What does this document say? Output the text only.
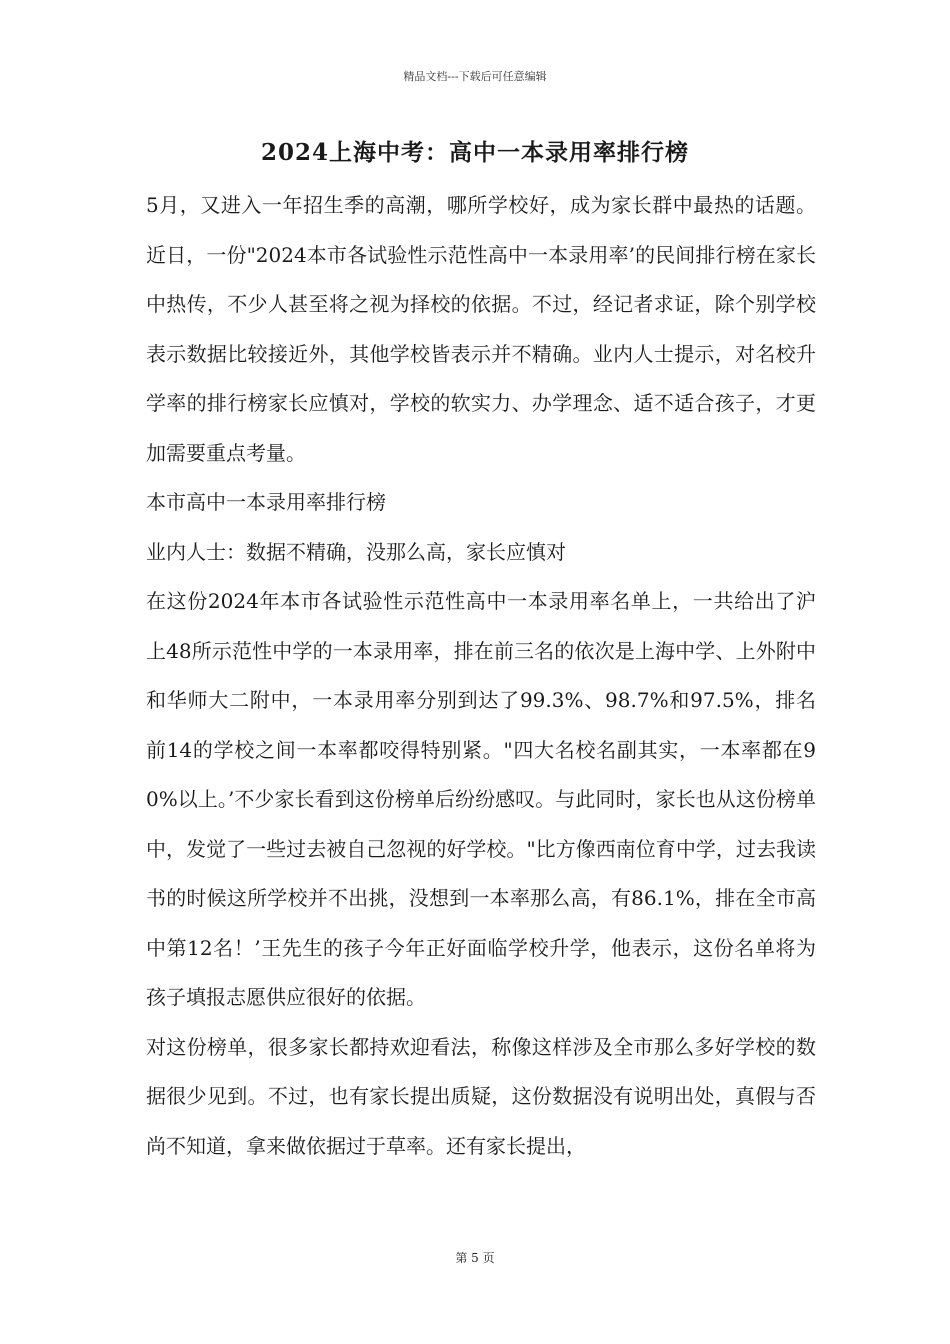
精品文档---下载后可任意编辑
2024上海中考：高中一本录用率排行榜

5月，又进入一年招生季的高潮，哪所学校好，成为家长群中最热的话题。近日，一份"2024本市各试验性示范性高中一本录用率’的民间排行榜在家长中热传，不少人甚至将之视为择校的依据。不过，经记者求证，除个别学校表示数据比较接近外，其他学校皆表示并不精确。业内人士提示，对名校升学率的排行榜家长应慎对，学校的软实力、办学理念、适不适合孩子，才更加需要重点考量。

本市高中一本录用率排行榜

业内人士：数据不精确，没那么高，家长应慎对

在这份2024年本市各试验性示范性高中一本录用率名单上，一共给出了沪上48所示范性中学的一本录用率，排在前三名的依次是上海中学、上外附中和华师大二附中，一本录用率分别到达了99.3%、98.7%和97.5%，排名前14的学校之间一本率都咬得特别紧。"四大名校名副其实，一本率都在90%以上。’不少家长看到这份榜单后纷纷感叹。与此同时，家长也从这份榜单中，发觉了一些过去被自己忽视的好学校。"比方像西南位育中学，过去我读书的时候这所学校并不出挑，没想到一本率那么高，有86.1%，排在全市高中第12名！’王先生的孩子今年正好面临学校升学，他表示，这份名单将为孩子填报志愿供应很好的依据。

对这份榜单，很多家长都持欢迎看法，称像这样涉及全市那么多好学校的数据很少见到。不过，也有家长提出质疑，这份数据没有说明出处，真假与否尚不知道，拿来做依据过于草率。还有家长提出，

第 5 页
